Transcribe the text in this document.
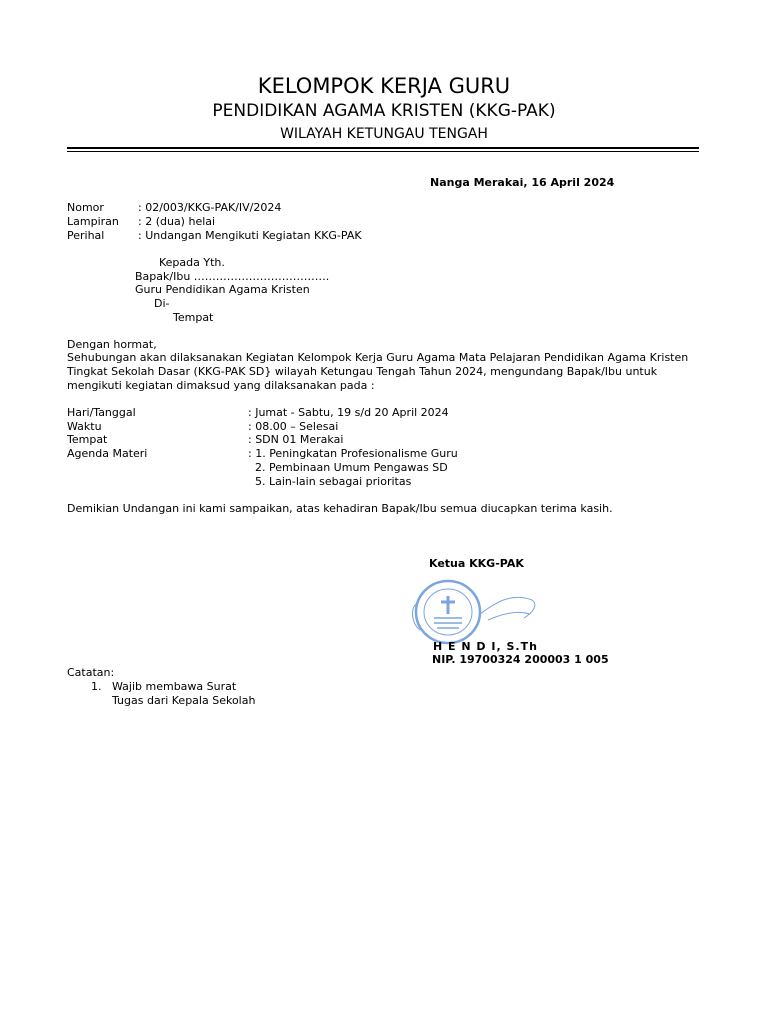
KELOMPOK KERJA GURU
PENDIDIKAN AGAMA KRISTEN (KKG-PAK)
WILAYAH KETUNGAU TENGAH
Nanga Merakai, 16 April 2024
Nomor	: 02/003/KKG-PAK/IV/2024
Lampiran : 2 (dua) helai
Perihal	: Undangan Mengikuti Kegiatan KKG-PAK
Kepada Yth.
Bapak/Ibu ……………………………….
Guru Pendidikan Agama Kristen
Di-
Tempat
Dengan hormat,
Sehubungan akan dilaksanakan Kegiatan Kelompok Kerja Guru Agama Mata Pelajaran Pendidikan Agama Kristen
Tingkat Sekolah Dasar (KKG-PAK SD} wilayah Ketungau Tengah Tahun 2024, mengundang Bapak/Ibu untuk
mengikuti kegiatan dimaksud yang dilaksanakan pada :
Hari/Tanggal	: Jumat - Sabtu, 19 s/d 20 April 2024
Waktu	: 08.00 – Selesai
Tempat	: SDN 01 Merakai
Agenda Materi	: 1. Peningkatan Profesionalisme Guru
2. Pembinaan Umum Pengawas SD
5. Lain-lain sebagai prioritas
Demikian Undangan ini kami sampaikan, atas kehadiran Bapak/Ibu semua diucapkan terima kasih.
Ketua KKG-PAK
H E N D I, S.Th
NIP. 19700324 200003 1 005
Catatan:
1. Wajib membawa Surat
Tugas dari Kepala Sekolah
